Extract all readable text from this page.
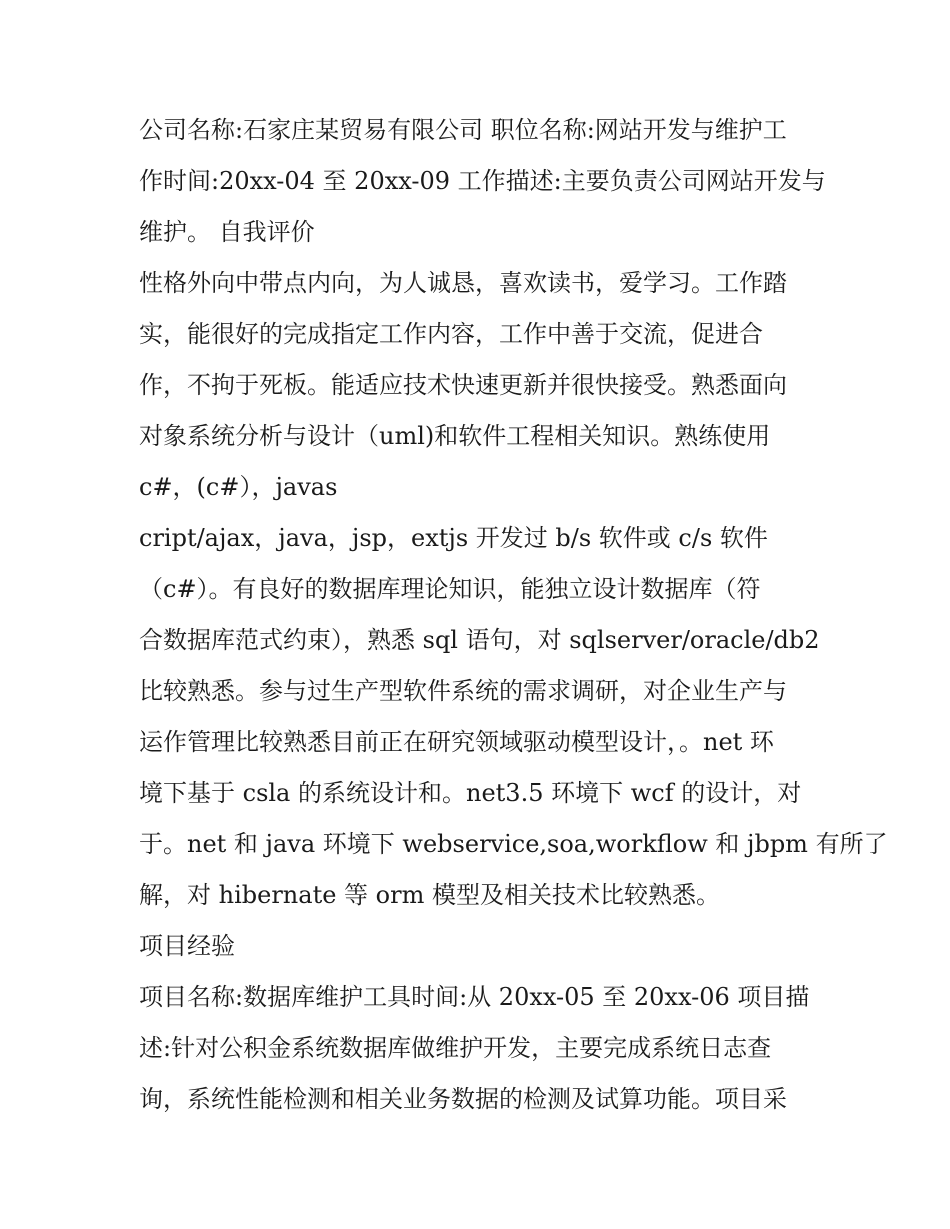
公司名称:石家庄某贸易有限公司 职位名称:网站开发与维护工
作时间:20xx-04 至 20xx-09 工作描述:主要负责公司网站开发与
维护。 自我评价
性格外向中带点内向，为人诚恳，喜欢读书，爱学习。工作踏
实，能很好的完成指定工作内容，工作中善于交流，促进合
作，不拘于死板。能适应技术快速更新并很快接受。熟悉面向
对象系统分析与设计（uml)和软件工程相关知识。熟练使用
c#，(c#），javas
cript/ajax，java，jsp，extjs 开发过 b/s 软件或 c/s 软件
（c#）。有良好的数据库理论知识，能独立设计数据库（符
合数据库范式约束），熟悉 sql 语句，对 sqlserver/oracle/db2
比较熟悉。参与过生产型软件系统的需求调研，对企业生产与
运作管理比较熟悉目前正在研究领域驱动模型设计，。net 环
境下基于 csla 的系统设计和。net3.5 环境下 wcf 的设计，对
于。net 和 java 环境下 webservice,soa,workflow 和 jbpm 有所了
解，对 hibernate 等 orm 模型及相关技术比较熟悉。
项目经验
项目名称:数据库维护工具时间:从 20xx-05 至 20xx-06 项目描
述:针对公积金系统数据库做维护开发，主要完成系统日志查
询，系统性能检测和相关业务数据的检测及试算功能。项目采
